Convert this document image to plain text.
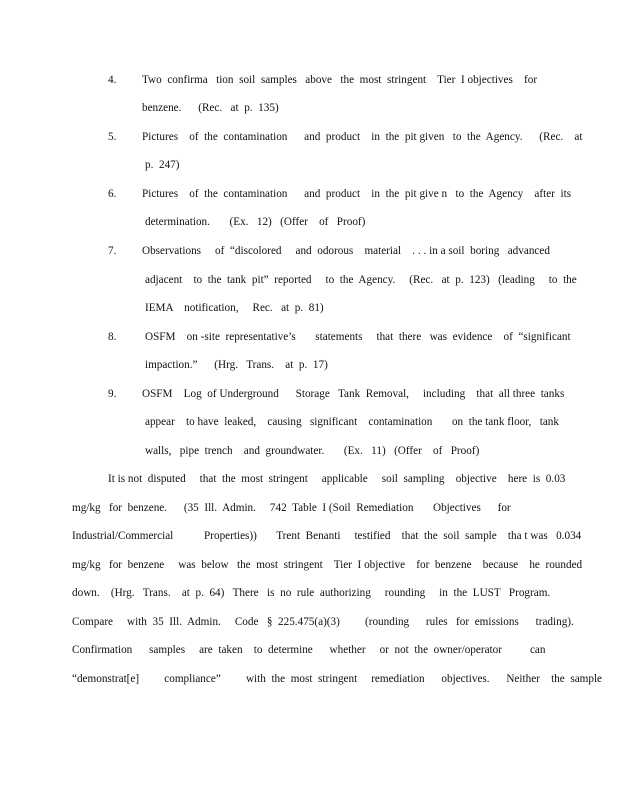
4. Two  confirma   tion  soil  samples   above   the  most  stringent    Tier  I objectives    for
benzene.      (Rec.   at  p.  135)
5. Pictures    of  the  contamination      and  product    in  the  pit given   to  the  Agency.      (Rec.    at
p.  247)
6. Pictures    of  the  contamination      and  product    in  the  pit give n   to  the  Agency    after  its
determination.       (Ex.   12)   (Offer    of   Proof)
7. Observations     of  “discolored     and  odorous    material    . . . in a soil  boring   advanced
adjacent    to  the  tank  pit”  reported     to  the  Agency.     (Rec.   at  p.  123)   (leading     to  the
IEMA    notification,     Rec.   at  p.  81)
8.	OSFM    on -site  representative’s       statements     that  there   was  evidence    of  “significant
impaction.”      (Hrg.   Trans.    at  p.  17)
9. OSFM    Log  of Underground      Storage   Tank  Removal,     including    that  all three  tanks
appear    to have  leaked,    causing   significant    contamination       on  the tank floor,   tank
walls,   pipe  trench    and  groundwater.       (Ex.   11)   (Offer    of   Proof)
It is not  disputed     that  the  most  stringent     applicable     soil  sampling    objective    here  is  0.03
mg/kg   for  benzene.      (35  Ill.  Admin.     742  Table  I (Soil  Remediation       Objectives      for
Industrial/Commercial           Properties))       Trent  Benanti     testified    that  the  soil  sample    tha t was   0.034
mg/kg   for  benzene     was  below   the  most  stringent    Tier  I objective    for  benzene    because    he  rounded
down.    (Hrg.   Trans.    at  p.  64)   There   is  no  rule  authorizing     rounding     in  the  LUST   Program.
Compare     with  35  Ill.  Admin.     Code   §  225.475(a)(3)         (rounding      rules   for  emissions      trading).
Confirmation      samples     are  taken    to  determine      whether     or  not  the  owner/operator          can
“demonstrat[e]         compliance”         with  the  most  stringent     remediation      objectives.      Neither    the  sample
